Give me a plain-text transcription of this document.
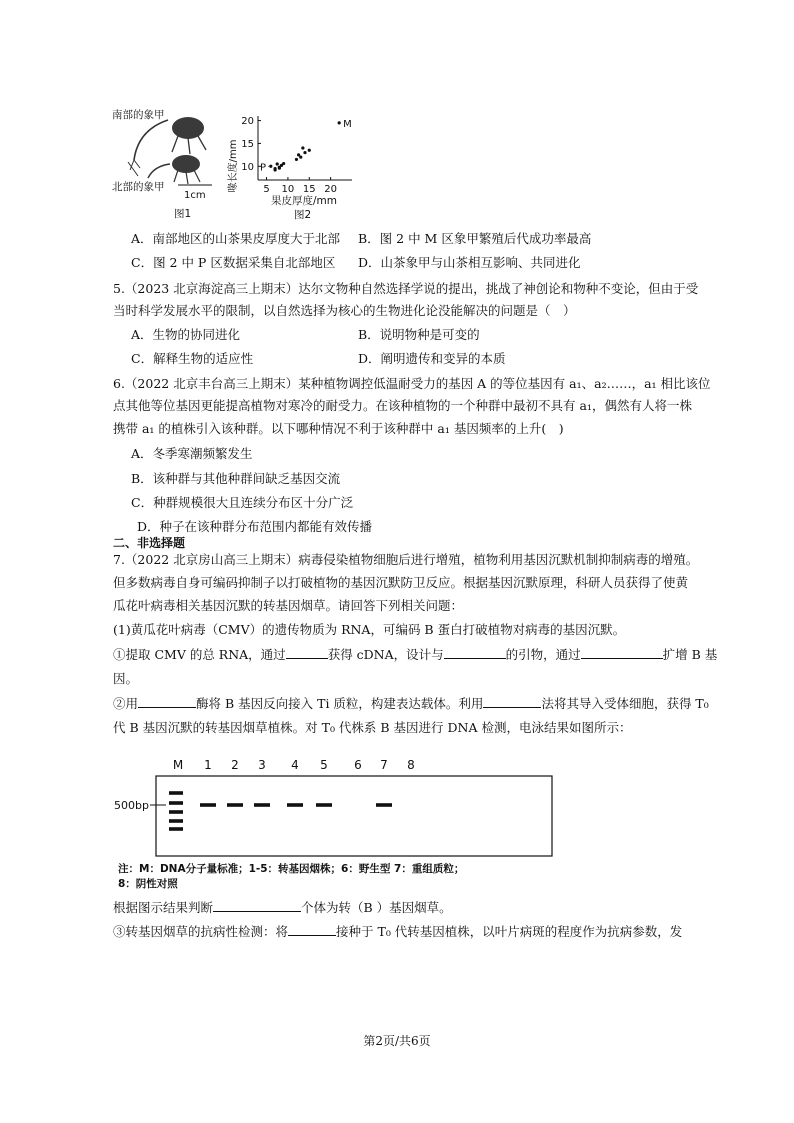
南部的象甲
北部的象甲
1cm
图1
喙长度/mm 10
15
20
5 10 15 20
P
M
果皮厚度/mm
图2
A．南部地区的山茶果皮厚度大于北部 B．图 2 中 M 区象甲繁殖后代成功率最高
C．图 2 中 P 区数据采集自北部地区 D．山茶象甲与山茶相互影响、共同进化
5.（2023 北京海淀高三上期末）达尔文物种自然选择学说的提出，挑战了神创论和物种不变论，但由于受
当时科学发展水平的限制，以自然选择为核心的生物进化论没能解决的问题是（　）
A．生物的协同进化	B．说明物种是可变的
C．解释生物的适应性	D．阐明遗传和变异的本质
6.（2022 北京丰台高三上期末）某种植物调控低温耐受力的基因 A 的等位基因有 a₁、a₂……，a₁ 相比该位
点其他等位基因更能提高植物对寒冷的耐受力。在该种植物的一个种群中最初不具有 a₁，偶然有人将一株
携带 a₁ 的植株引入该种群。以下哪种情况不利于该种群中 a₁ 基因频率的上升(　)
A．冬季寒潮频繁发生
B．该种群与其他种群间缺乏基因交流
C．种群规模很大且连续分布区十分广泛
D．种子在该种群分布范围内都能有效传播
二、非选择题
7.（2022 北京房山高三上期末）病毒侵染植物细胞后进行增殖，植物利用基因沉默机制抑制病毒的增殖。
但多数病毒自身可编码抑制子以打破植物的基因沉默防卫反应。根据基因沉默原理，科研人员获得了使黄
瓜花叶病毒相关基因沉默的转基因烟草。请回答下列相关问题：
(1)黄瓜花叶病毒（CMV）的遗传物质为 RNA，可编码 B 蛋白打破植物对病毒的基因沉默。
①提取 CMV 的总 RNA，通过	获得 cDNA，设计与	的引物，通过	扩增 B 基
因。
②用	酶将 B 基因反向接入 Ti 质粒，构建表达载体。利用	法将其导入受体细胞，获得 T₀
代 B 基因沉默的转基因烟草植株。对 T₀ 代株系 B 基因进行 DNA 检测，电泳结果如图所示：
M 1 2 3 4 5 6 7 8
500bp
注：M：DNA分子量标准；1-5：转基因烟株；6：野生型 7：重组质粒；
8：阴性对照
根据图示结果判断	个体为转（B ）基因烟草。
③转基因烟草的抗病性检测：将	接种于 T₀ 代转基因植株，以叶片病斑的程度作为抗病参数，发
第2页/共6页
